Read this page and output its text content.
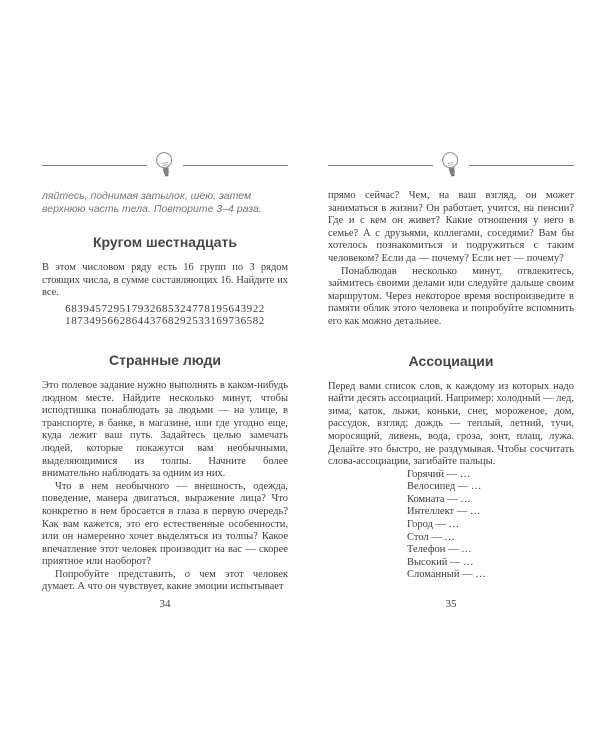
ляйтесь, поднимая затылок, шею, затем верхнюю часть тела. Повторите 3–4 раза.

Кругом шестнадцать

В этом числовом ряду есть 16 групп по 3 рядом стоящих числа, в сумме составляющих 16. Найдите их все.

683945729517932685324778195643922
187349566286443768292533169736582
Странные люди

Это полевое задание нужно выполнять в каком-нибудь людном месте. Найдите несколько минут, чтобы исподтишка понаблюдать за людьми — на улице, в транспорте, в банке, в магазине, или где угодно еще, куда лежит ваш путь. Задайтесь целью замечать людей, которые покажутся вам необычными, выделяющимися из толпы. Начните более внимательно наблюдать за одним из них.

Что в нем необычного — внешность, одежда, поведение, манера двигаться, выражение лица? Что конкретно в нем бросается в глаза в первую очередь? Как вам кажется, это его естественные особенности, или он намеренно хочет выделяться из толпы? Какое впечатление этот человек производит на вас — скорее приятное или наоборот?

Попробуйте представить, о чем этот человек думает. А что он чувствует, какие эмоции испытывает

34

прямо сейчас? Чем, на ваш взгляд, он может заниматься в жизни? Он работает, учится, на пенсии? Где и с кем он живет? Какие отношения у него в семье? А с друзьями, коллегами, соседями? Вам бы хотелось познакомиться и подружиться с таким человеком? Если да — почему? Если нет — почему?

Понаблюдав несколько минут, отвлекитесь, займитесь своими делами или следуйте дальше своим маршрутом. Через некоторое время воспроизведите в памяти облик этого человека и попробуйте вспомнить его как можно детальнее.

Ассоциации

Перед вами список слов, к каждому из которых надо найти десять ассоциаций. Например: холодный — лед, зима, каток, лыжи, коньки, снег, мороженое, дом, рассудок, взгляд; дождь — теплый, летний, тучи, моросящий, ливень, вода, гроза, зонт, плащ, лужа. Делайте это быстро, не раздумывая. Чтобы сосчитать слова-ассоциации, загибайте пальцы.

Горячий — …
Велосипед — …
Комната — …
Интеллект — …
Город — …
Стол — …
Телефон — …
Высокий — …
Сломанный — …
35
